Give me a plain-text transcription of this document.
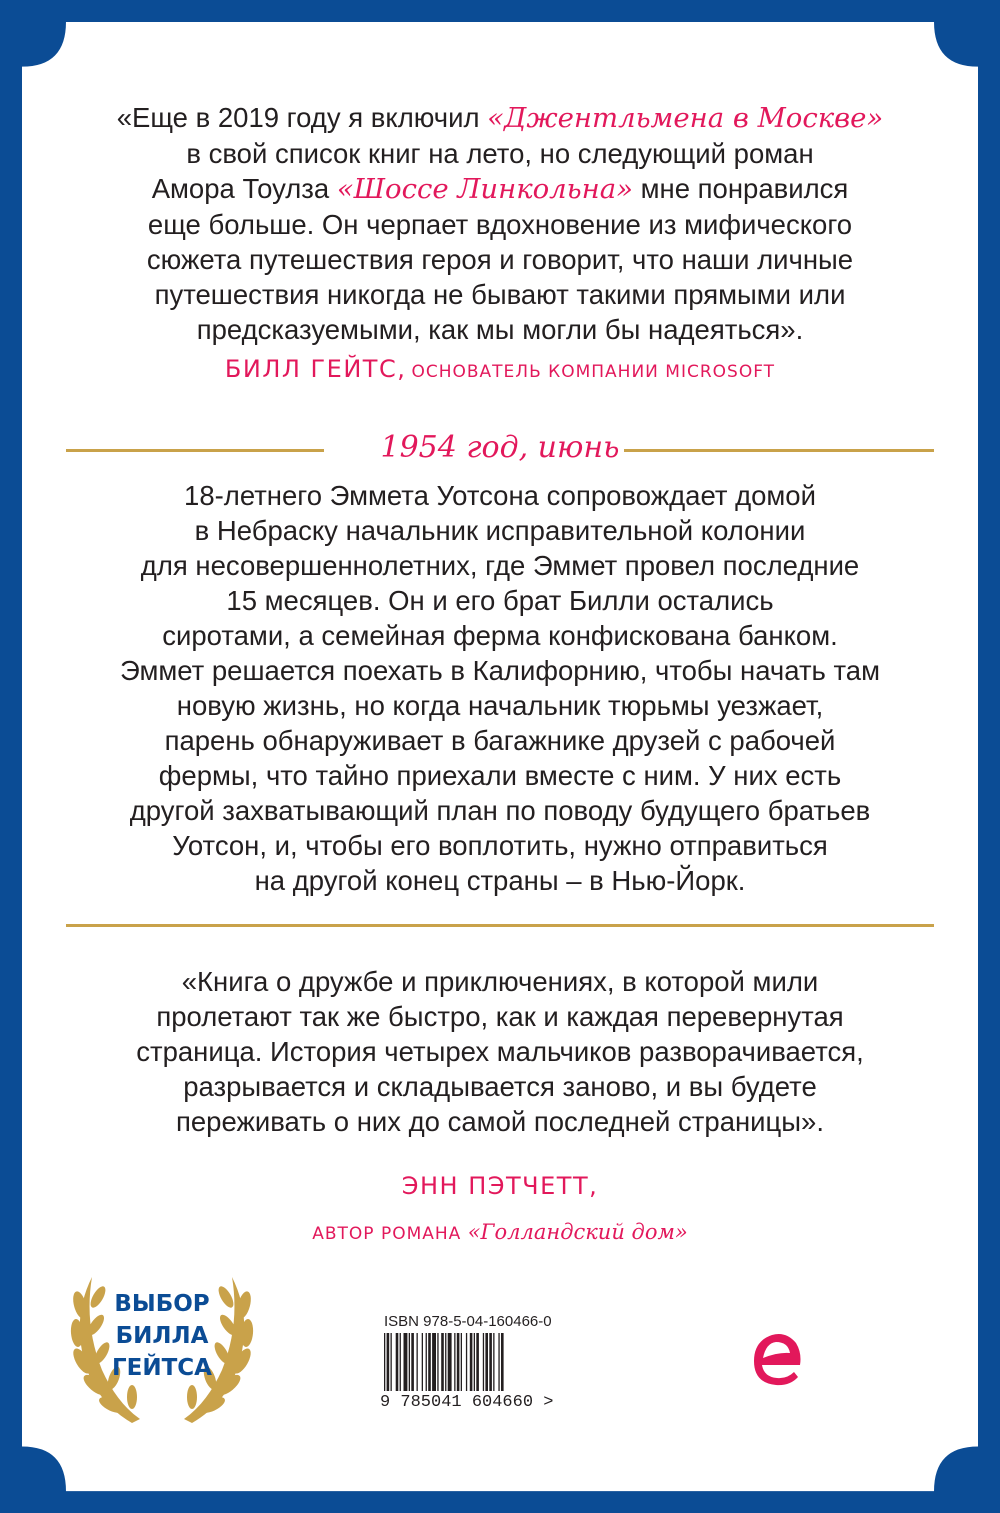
«Еще в 2019 году я включил «Джентльмена в Москве»
в свой список книг на лето, но следующий роман
Амора Тоулза «Шоссе Линкольна» мне понравился
еще больше. Он черпает вдохновение из мифического
сюжета путешествия героя и говорит, что наши личные
путешествия никогда не бывают такими прямыми или
предсказуемыми, как мы могли бы надеяться».

БИЛЛ ГЕЙТС, ОСНОВАТЕЛЬ КОМПАНИИ MICROSOFT
1954 год, июнь

18-летнего Эммета Уотсона сопровождает домой
в Небраску начальник исправительной колонии
для несовершеннолетних, где Эммет провел последние
15 месяцев. Он и его брат Билли остались
сиротами, а семейная ферма конфискована банком.
Эммет решается поехать в Калифорнию, чтобы начать там
новую жизнь, но когда начальник тюрьмы уезжает,
парень обнаруживает в багажнике друзей с рабочей
фермы, что тайно приехали вместе с ним. У них есть
другой захватывающий план по поводу будущего братьев
Уотсон, и, чтобы его воплотить, нужно отправиться
на другой конец страны – в Нью-Йорк.

«Книга о дружбе и приключениях, в которой мили
пролетают так же быстро, как и каждая перевернутая
страница. История четырех мальчиков разворачивается,
разрывается и складывается заново, и вы будете
переживать о них до самой последней страницы».

ЭНН ПЭТЧЕТТ,
АВТОР РОМАНА «Голландский дом»

ВЫБОР
БИЛЛА
ГЕЙТСА

ISBN 978-5-04-160466-0
9 785041 604660 >
